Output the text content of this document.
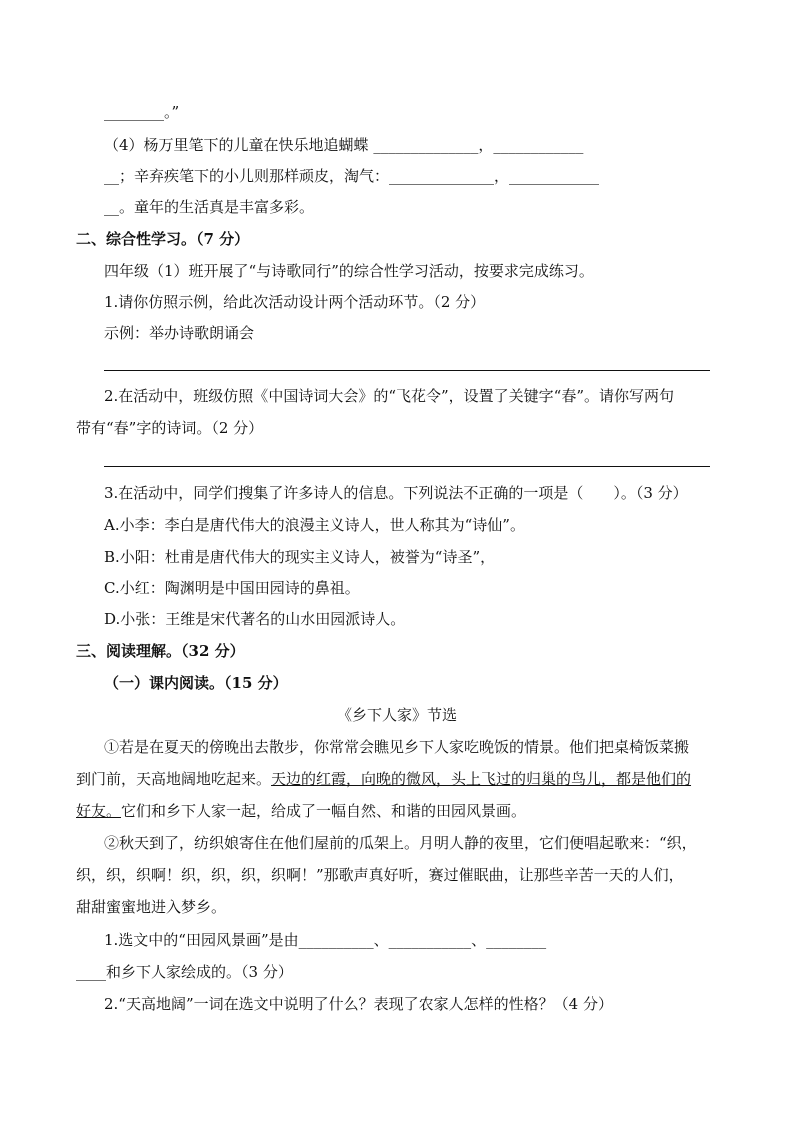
________。”
（4）杨万里笔下的儿童在快乐地追蝴蝶 ______________，____________
__；辛弃疾笔下的小儿则那样顽皮，淘气：______________，____________
__。童年的生活真是丰富多彩。
二、综合性学习。（7 分）
四年级（1）班开展了“与诗歌同行”的综合性学习活动，按要求完成练习。
1.请你仿照示例，给此次活动设计两个活动环节。（2 分）
示例：举办诗歌朗诵会
2.在活动中，班级仿照《中国诗词大会》的“飞花令”，设置了关键字“春”。请你写两句
带有“春”字的诗词。（2 分）
3.在活动中，同学们搜集了许多诗人的信息。下列说法不正确的一项是（　　）。（3 分）
A.小李：李白是唐代伟大的浪漫主义诗人，世人称其为“诗仙”。
B.小阳：杜甫是唐代伟大的现实主义诗人，被誉为“诗圣”，
C.小红：陶渊明是中国田园诗的鼻祖。
D.小张：王维是宋代著名的山水田园派诗人。
三、阅读理解。（32 分）
（一）课内阅读。（15 分）
《乡下人家》节选
①若是在夏天的傍晚出去散步，你常常会瞧见乡下人家吃晚饭的情景。他们把桌椅饭菜搬
到门前，天高地阔地吃起来。天边的红霞，向晚的微风，头上飞过的归巢的鸟儿，都是他们的
好友。它们和乡下人家一起，给成了一幅自然、和谐的田园风景画。
②秋天到了，纺织娘寄住在他们屋前的瓜架上。月明人静的夜里，它们便唱起歌来：“织，
织，织，织啊！织，织，织，织啊！”那歌声真好听，赛过催眠曲，让那些辛苦一天的人们，
甜甜蜜蜜地进入梦乡。
1.选文中的“田园风景画”是由__________、___________、________
____和乡下人家绘成的。（3 分）
2.“天高地阔”一词在选文中说明了什么？表现了农家人怎样的性格？（4 分）
